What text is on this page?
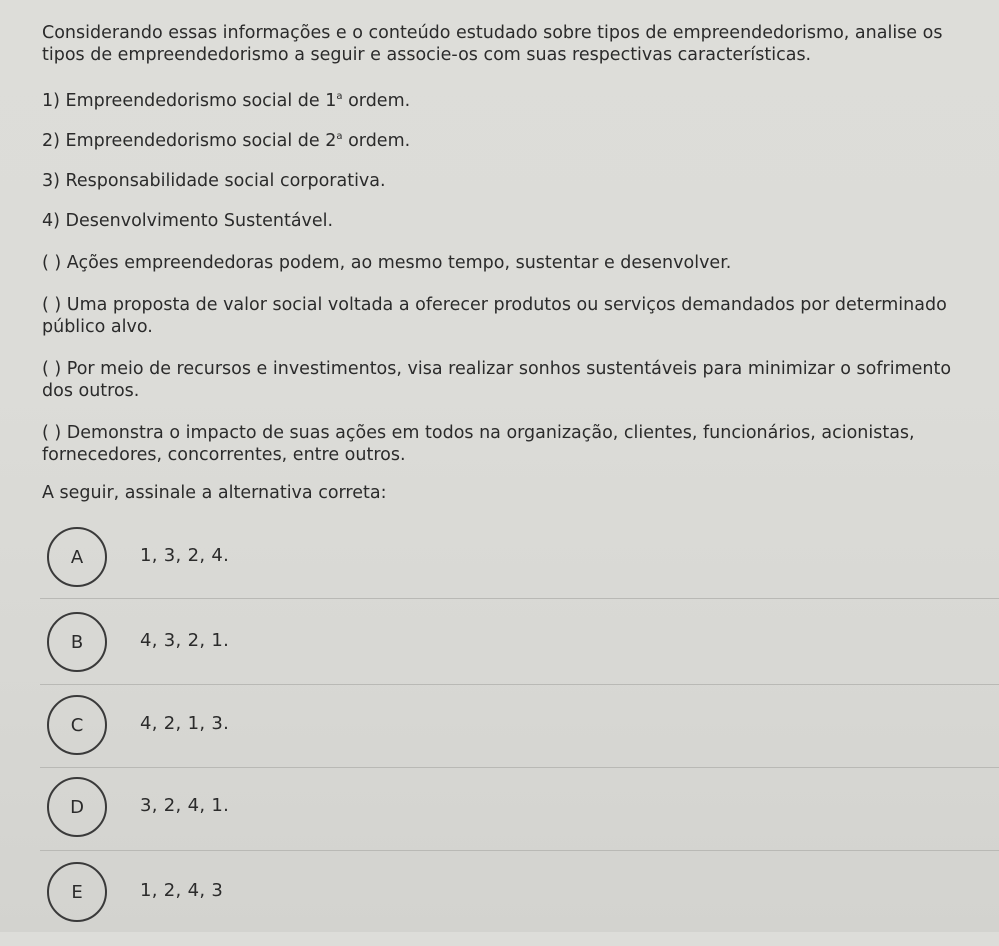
Considerando essas informações e o conteúdo estudado sobre tipos de empreendedorismo, analise os tipos de empreendedorismo a seguir e associe-os com suas respectivas características.

1) Empreendedorismo social de 1$^a$ ordem.

2) Empreendedorismo social de 2$^a$ ordem.

3) Responsabilidade social corporativa.

4) Desenvolvimento Sustentável.

( ) Ações empreendedoras podem, ao mesmo tempo, sustentar e desenvolver.

( ) Uma proposta de valor social voltada a oferecer produtos ou serviços demandados por determinado público alvo.

( ) Por meio de recursos e investimentos, visa realizar sonhos sustentáveis para minimizar o sofrimento dos outros.

( ) Demonstra o impacto de suas ações em todos na organização, clientes, funcionários, acionistas, fornecedores, concorrentes, entre outros.

A seguir, assinale a alternativa correta:

A	1, 3, 2, 4.
B	4, 3, 2, 1.
C	4, 2, 1, 3.
D	3, 2, 4, 1.
E	1, 2, 4, 3
